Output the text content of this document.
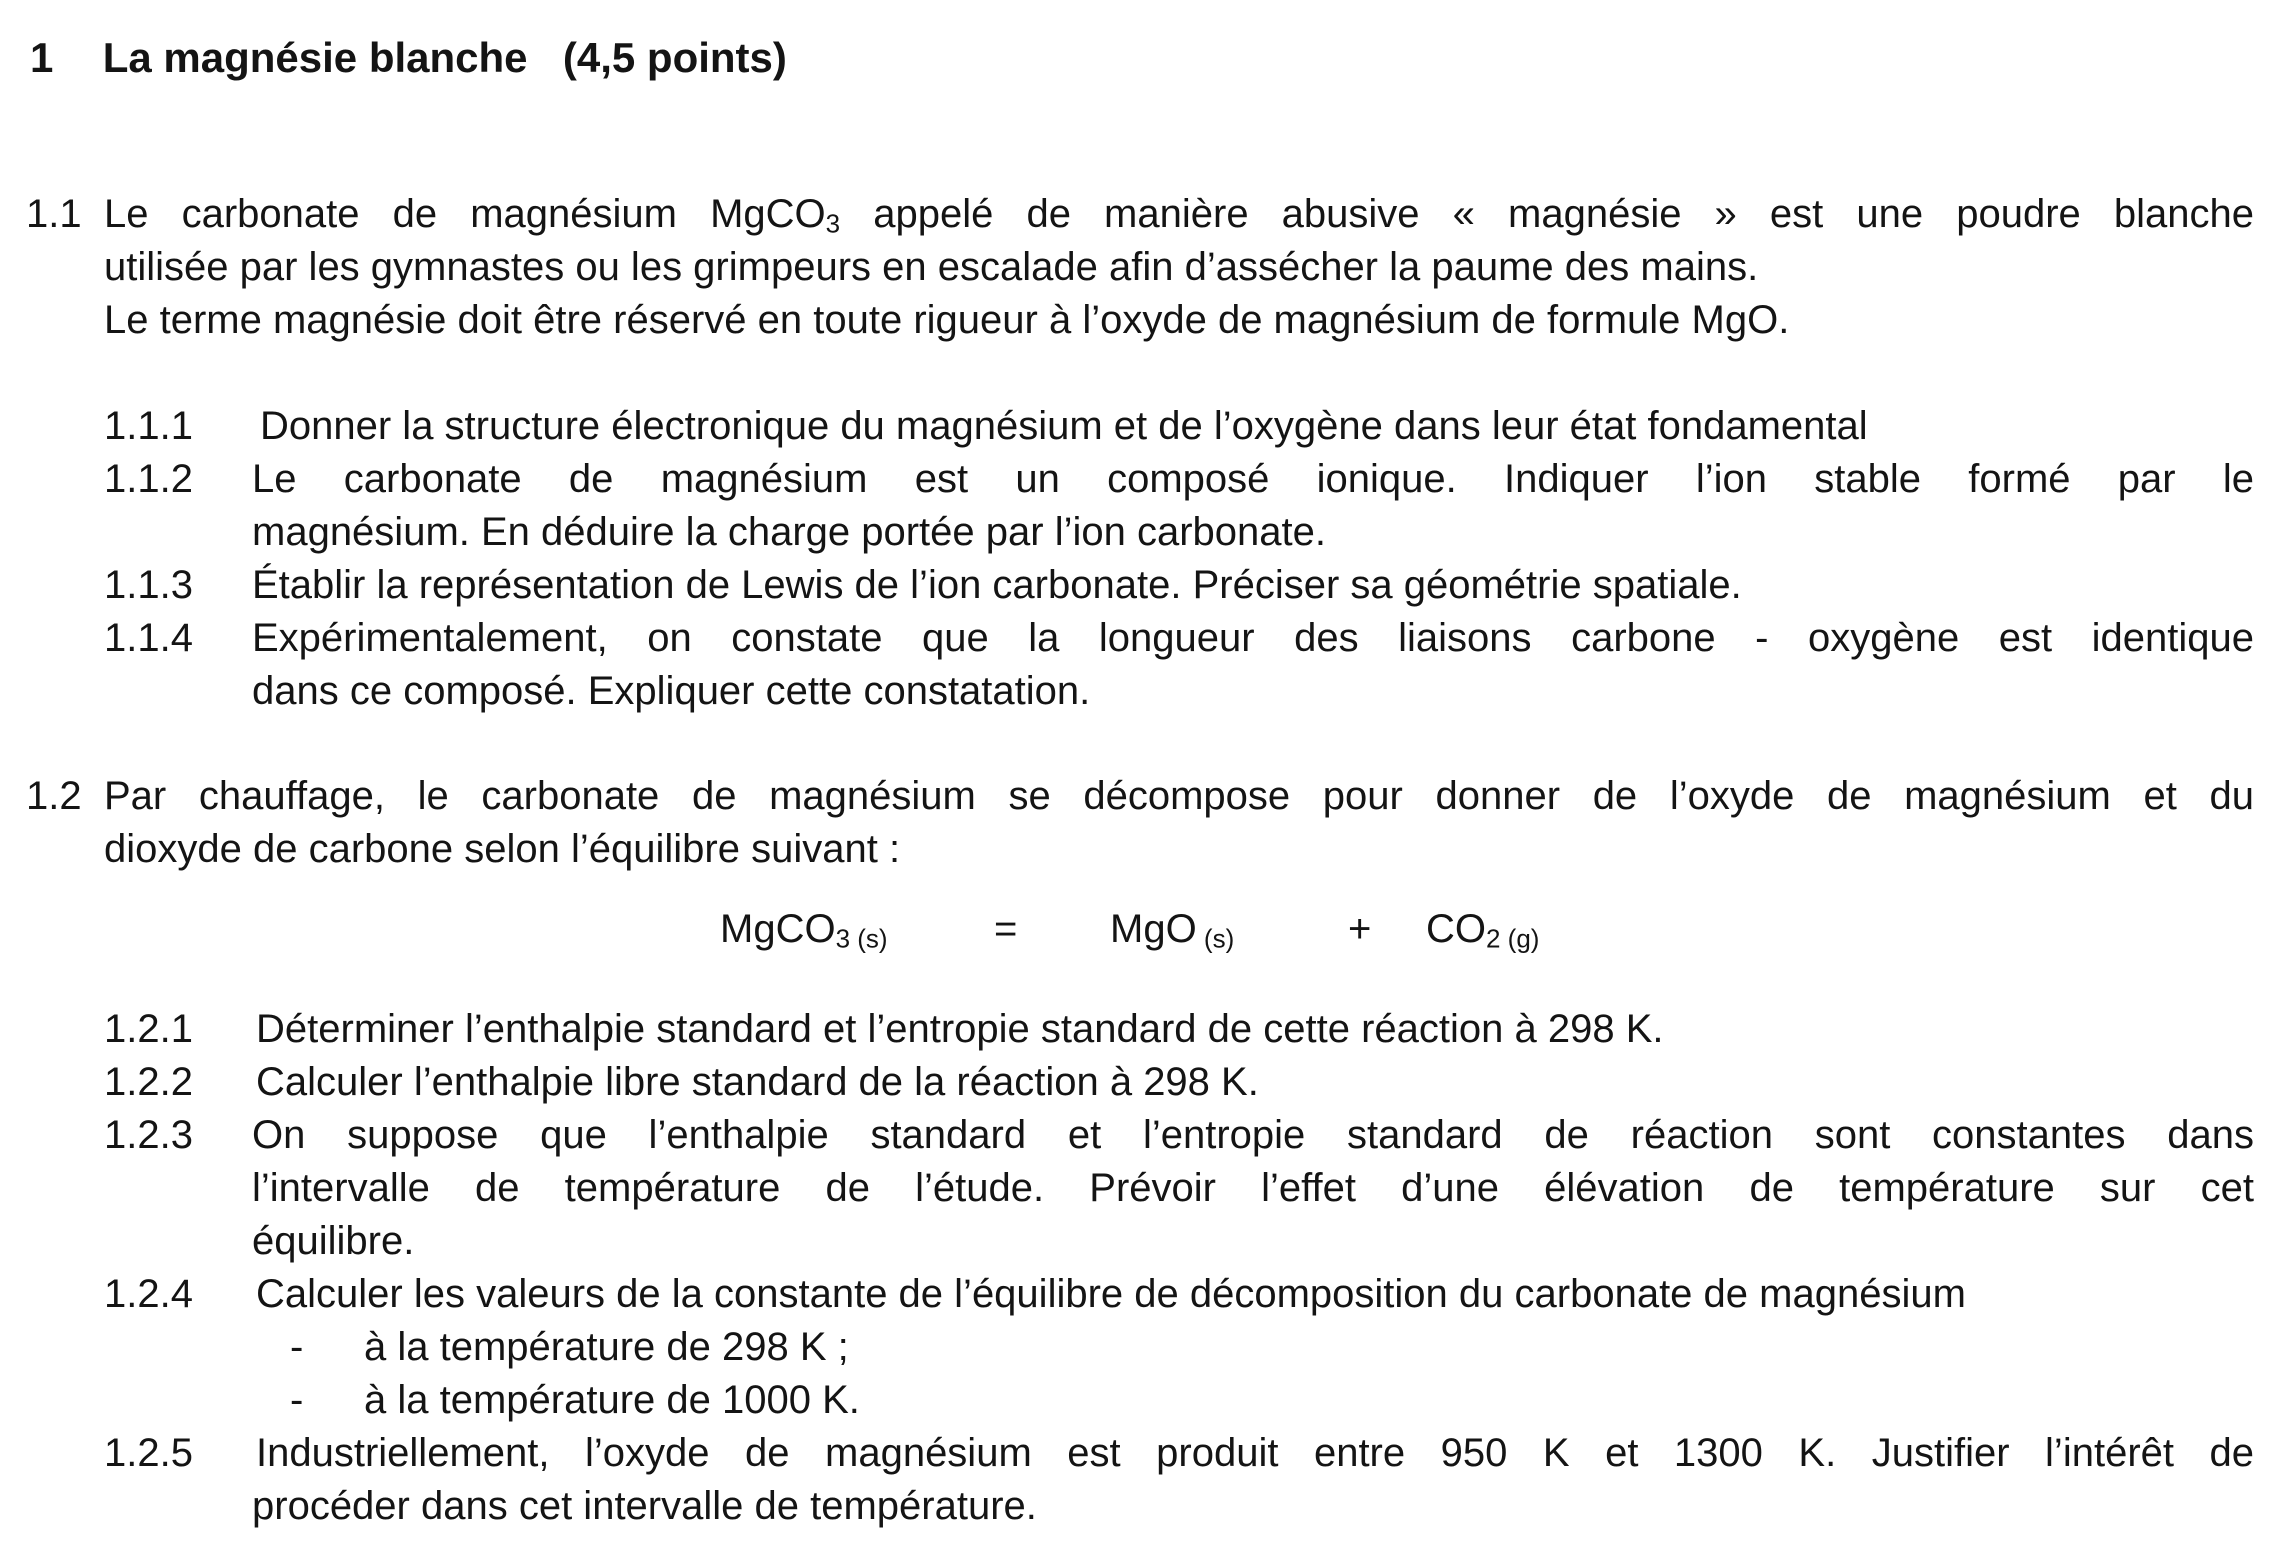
1 La magnésie blanche (4,5 points)
1.1 Le carbonate de magnésium MgCO$_3$ appelé de manière abusive « magnésie » est une poudre blanche
utilisée par les gymnastes ou les grimpeurs en escalade afin d’assécher la paume des mains.
Le terme magnésie doit être réservé en toute rigueur à l’oxyde de magnésium de formule MgO.
1.1.1 Donner la structure électronique du magnésium et de l’oxygène dans leur état fondamental
1.1.2 Le carbonate de magnésium est un composé ionique. Indiquer l’ion stable formé par le
magnésium. En déduire la charge portée par l’ion carbonate.
1.1.3 Établir la représentation de Lewis de l’ion carbonate. Préciser sa géométrie spatiale.
1.1.4 Expérimentalement, on constate que la longueur des liaisons carbone - oxygène est identique
dans ce composé. Expliquer cette constatation.
1.2 Par chauffage, le carbonate de magnésium se décompose pour donner de l’oxyde de magnésium et du
dioxyde de carbone selon l’équilibre suivant :
MgCO$_{3 (s)}$	= MgO $_{(s)}$	+ $CO_{2 (g)}$
1.2.1 Déterminer l’enthalpie standard et l’entropie standard de cette réaction à 298 K.
1.2.2 Calculer l’enthalpie libre standard de la réaction à 298 K.
1.2.3 On suppose que l’enthalpie standard et l’entropie standard de réaction sont constantes dans
l’intervalle de température de l’étude. Prévoir l’effet d’une élévation de température sur cet
équilibre.
1.2.4 Calculer les valeurs de la constante de l’équilibre de décomposition du carbonate de magnésium
- à la température de 298 K ;
- à la température de 1000 K.
1.2.5 Industriellement, l’oxyde de magnésium est produit entre 950 K et 1300 K. Justifier l’intérêt de
procéder dans cet intervalle de température.
